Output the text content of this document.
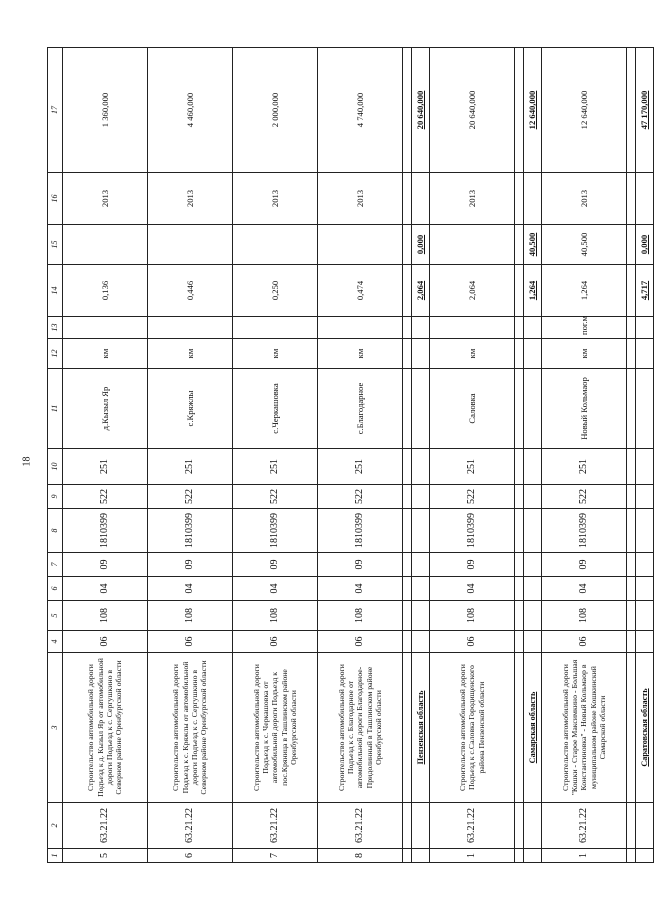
18
1	2	3	4	5	6	7	8	9	10	11	12	13	14	15	16	17
5	63.21.22	Строительство автомобильной дороги Подъезд к д. Кызыл Яр от автомобильной дороги Подъезд к с. Сергушкино в Северном районе Оренбургской области	06	108	04	09	1810399	522	251	д.Кызыл Яр	км		0,136		2013	1 360,000
6	63.21.22	Строительство автомобильной дороги Подъезд к с. Кряжлы от автомобильной дороги Подъезд к с. Сергушкино в Северном районе Оренбургской области	06	108	04	09	1810399	522	251	с.Кряжлы	км		0,446		2013	4 460,000
7	63.21.22	Строительство автомобильной дороги Подъезд к с. Черкашовка от автомобильной дороги Подъезд к пос.Кряница в Ташлинском районе Оренбургской области	06	108	04	09	1810399	522	251	с.Черкашовка	км		0,250		2013	2 000,000
8	63.21.22	Строительство автомобильной дороги Подъезд к с. Благодарное от автомобильной дороги Благодарное-Придолинный в Ташлинском районе Оренбургской области	06	108	04	09	1810399	522	251	с.Благодарное	км		0,474		2013	4 740,000

		Пензенская область											2,064	0,000		20 640,000
1	63.21.22	Строительство автомобильной дороги Подъезд к с.Саловка Городищенского района Пензенской области	06	108	04	09	1810399	522	251	Саловка	км		2,064		2013	20 640,000

		Самарская область											1,264	40,500		12 640,000
1	63.21.22	Строительство автомобильной дороги "Кошки - Старое Максимкино - Большая Константиновка" - Новый Кольмаор в муниципальном районе Кошкинский Самарской области	06	108	04	09	1810399	522	251	Новый Кольмаор	км	пог.м	1,264	40,500	2013	12 640,000

		Саратовская область											4,717	0,000		47 170,000
